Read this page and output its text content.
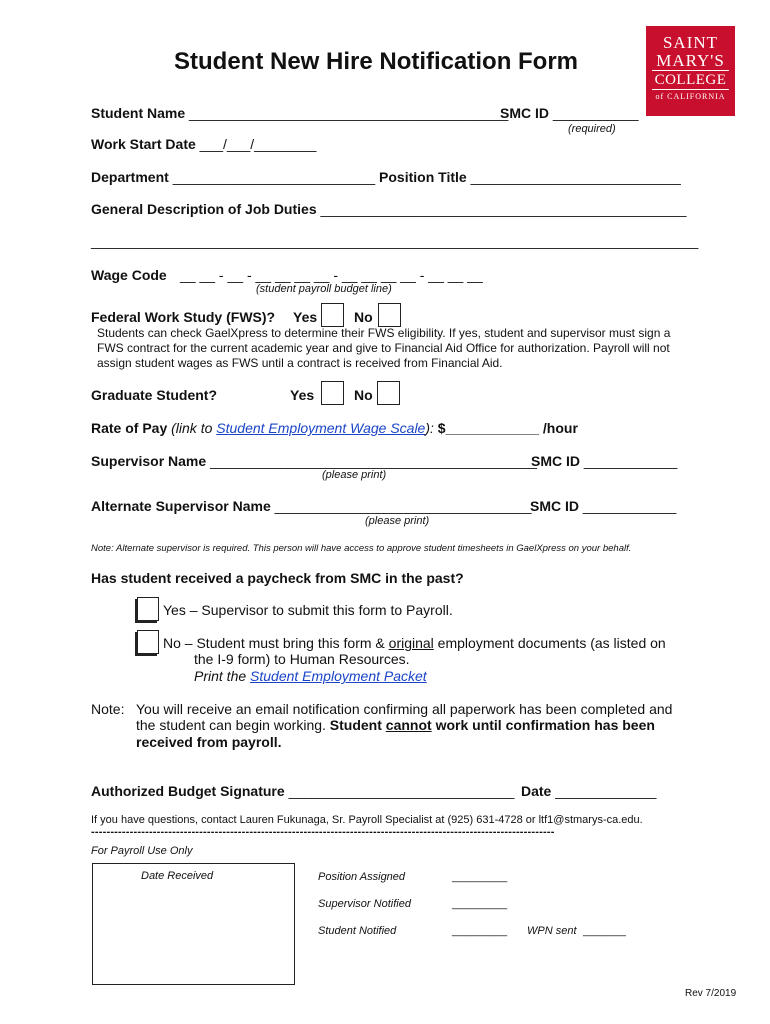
SAINT
MARY'S
COLLEGE
of CALIFORNIA
Student New Hire Notification Form
Student Name _________________________________________
SMC ID ___________
(required)
Work Start Date ___/___/________
Department __________________________ Position Title ___________________________
General Description of Job Duties _______________________________________________
______________________________________________________________________________
Wage Code __ __ - __ - __ __ __ __ - __ __ __ __ - __ __ __
(student payroll budget line)
Federal Work Study (FWS)? Yes	No
Students can check GaelXpress to determine their FWS eligibility. If yes, student and supervisor must sign a
FWS contract for the current academic year and give to Financial Aid Office for authorization. Payroll will not
assign student wages as FWS until a contract is received from Financial Aid.
Graduate Student?	Yes	No
Rate of Pay (link to Student Employment Wage Scale): $____________ /hour
Supervisor Name __________________________________________
SMC ID ____________
(please print)
Alternate Supervisor Name _________________________________
SMC ID ____________
(please print)
Note: Alternate supervisor is required. This person will have access to approve student timesheets in GaelXpress on your behalf.
Has student received a paycheck from SMC in the past?
Yes – Supervisor to submit this form to Payroll.
No – Student must bring this form & original employment documents (as listed on
the I-9 form) to Human Resources.
Print the Student Employment Packet
Note: You will receive an email notification confirming all paperwork has been completed and
the student can begin working. Student cannot work until confirmation has been
received from payroll.
Authorized Budget Signature _____________________________ Date _____________
If you have questions, contact Lauren Fukunaga, Sr. Payroll Specialist at (925) 631-4728 or ltf1@stmarys-ca.edu.
------------------------------------------------------------------------------------------------------------------------
For Payroll Use Only
Date Received	Position Assigned	_________
Supervisor Notified	_________
Student Notified	_________ WPN sent _______
Rev 7/2019
